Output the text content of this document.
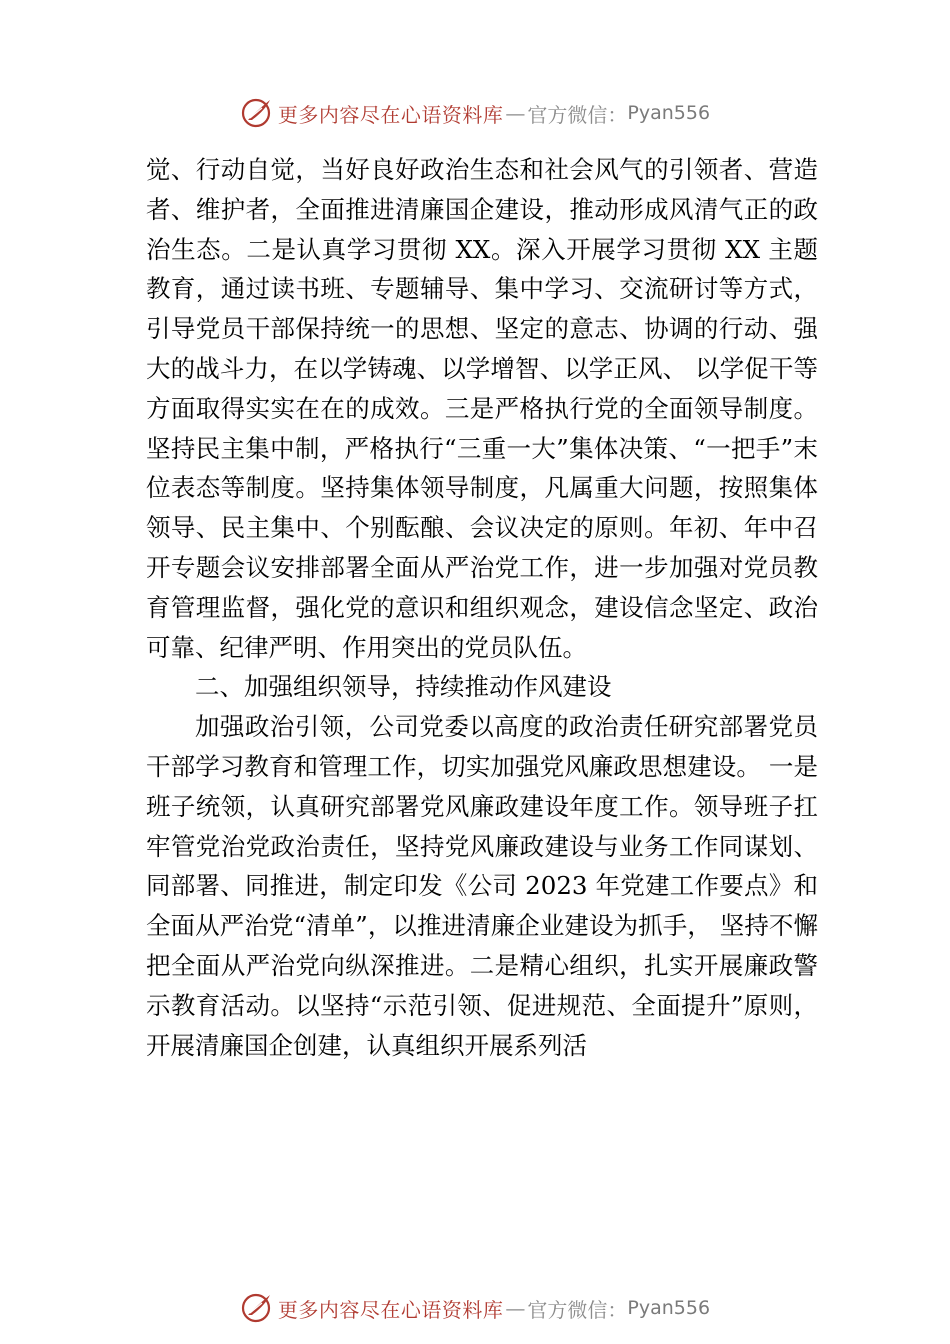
更多内容尽在心语资料库 — 官方微信： Pyan556

觉、行动自觉，当好良好政治生态和社会风气的引领者、营造者、维护者，全面推进清廉国企建设，推动形成风清气正的政治生态。二是认真学习贯彻 XX。深入开展学习贯彻 XX 主题教育，通过读书班、专题辅导、集中学习、交流研讨等方式，引导党员干部保持统一的思想、坚定的意志、协调的行动、强大的战斗力，在以学铸魂、以学增智、以学正风、 以学促干等方面取得实实在在的成效。三是严格执行党的全面领导制度。坚持民主集中制，严格执行“三重一大”集体决策、“一把手”末位表态等制度。坚持集体领导制度，凡属重大问题，按照集体领导、民主集中、个别酝酿、会议决定的原则。年初、年中召开专题会议安排部署全面从严治党工作，进一步加强对党员教育管理监督，强化党的意识和组织观念，建设信念坚定、政治可靠、纪律严明、作用突出的党员队伍。

二、加强组织领导，持续推动作风建设

加强政治引领，公司党委以高度的政治责任研究部署党员干部学习教育和管理工作，切实加强党风廉政思想建设。 一是班子统领，认真研究部署党风廉政建设年度工作。领导班子扛牢管党治党政治责任，坚持党风廉政建设与业务工作同谋划、同部署、同推进，制定印发《公司 2023 年党建工作要点》和全面从严治党“清单”，以推进清廉企业建设为抓手， 坚持不懈把全面从严治党向纵深推进。二是精心组织，扎实开展廉政警示教育活动。以坚持“示范引领、促进规范、全面提升”原则，开展清廉国企创建，认真组织开展系列活

更多内容尽在心语资料库 — 官方微信： Pyan556
